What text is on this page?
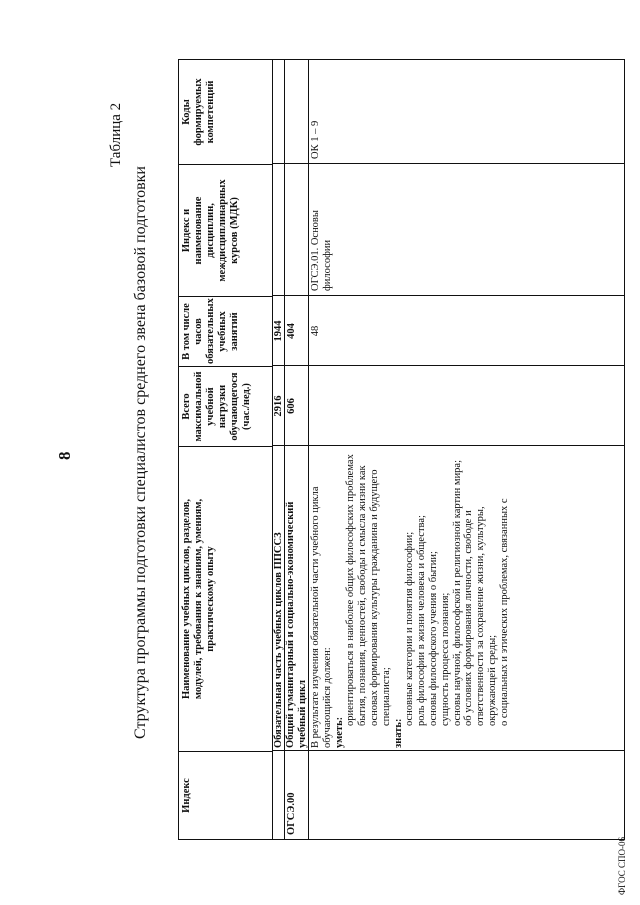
8
Таблица 2
Структура программы подготовки специалистов среднего звена базовой подготовки
ФГОС СПО-06
Индекс
Наименование учебных циклов, разделов, модулей, требования к знаниям, умениям, практическому опыту
Всего максимальной учебной нагрузки обучающегося (час./нед.)
В том числе часов обязательных учебных занятий
Индекс и наименование дисциплин, междисциплинарных курсов (МДК)
Коды формируемых компетенций
Обязательная часть учебных циклов ППССЗ
2916
1944
ОГСЭ.00
Общий гуманитарный и социально-экономический учебный цикл
606
404
В результате изучения обязательной части учебного цикла обучающийся должен: уметь:
ориентироваться в наиболее общих философских проблемах бытия, познания, ценностей, свободы и смысла жизни как основах формирования культуры гражданина и будущего специалиста;
знать:
основные категории и понятия философии; роль философии в жизни человека и общества; основы философского учения о бытии; сущность процесса познания; основы научной, философской и религиозной картин мира; об условиях формирования личности, свободе и ответственности за сохранение жизни, культуры, окружающей среды; о социальных и этических проблемах, связанных с
48
ОГСЭ.01. Основы философии
ОК 1 – 9
